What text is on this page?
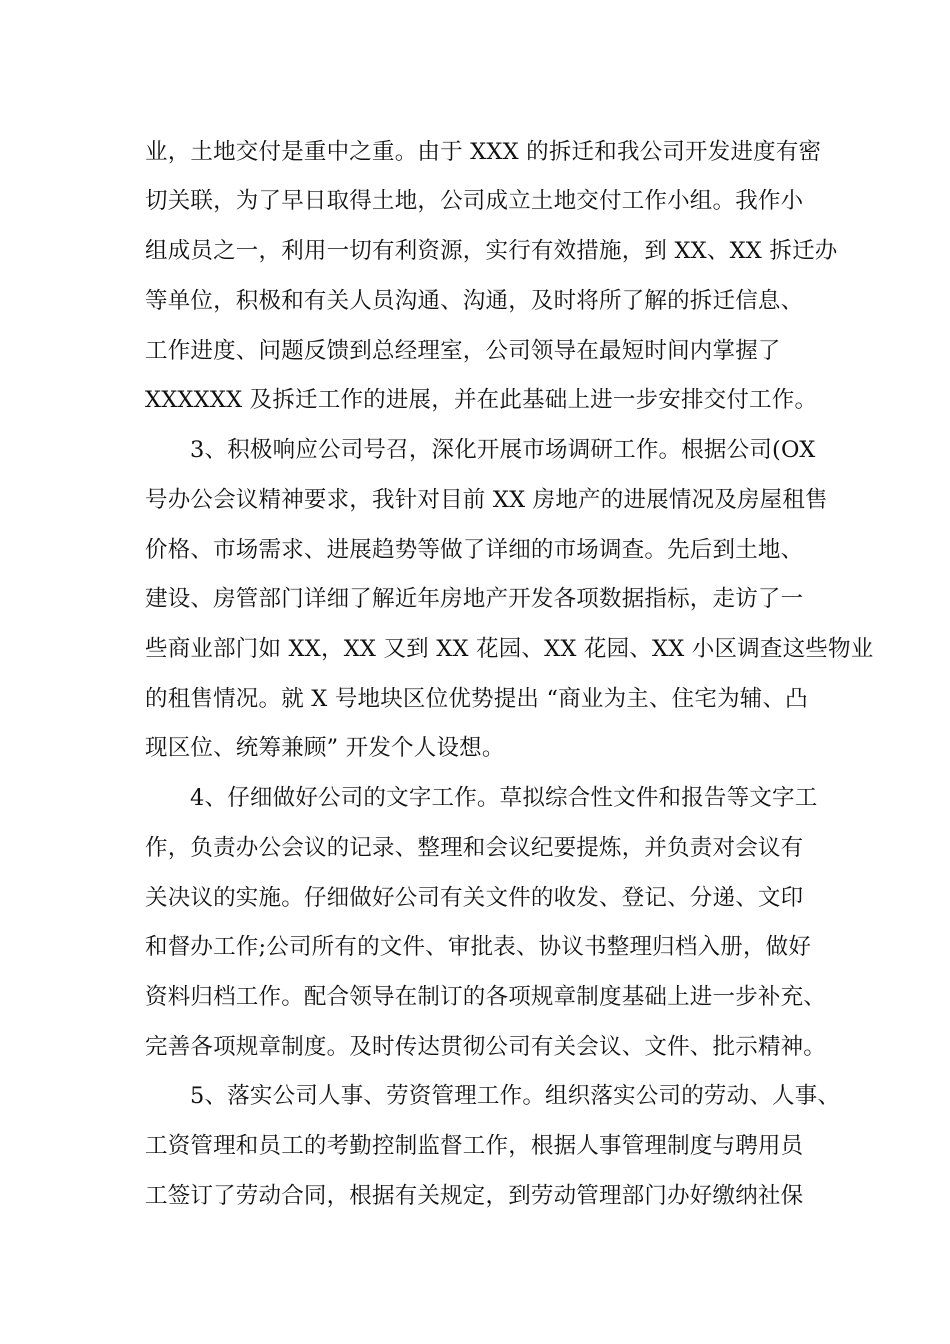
业，土地交付是重中之重。由于 XXX 的拆迁和我公司开发进度有密
切关联，为了早日取得土地，公司成立土地交付工作小组。我作小
组成员之一，利用一切有利资源，实行有效措施，到 XX、XX 拆迁办
等单位，积极和有关人员沟通、沟通，及时将所了解的拆迁信息、
工作进度、问题反馈到总经理室，公司领导在最短时间内掌握了
XXXXXX 及拆迁工作的进展，并在此基础上进一步安排交付工作。
3、积极响应公司号召，深化开展市场调研工作。根据公司(OX
号办公会议精神要求，我针对目前 XX 房地产的进展情况及房屋租售
价格、市场需求、进展趋势等做了详细的市场调查。先后到土地、
建设、房管部门详细了解近年房地产开发各项数据指标，走访了一
些商业部门如 XX，XX 又到 XX 花园、XX 花园、XX 小区调查这些物业
的租售情况。就 X 号地块区位优势提出 “商业为主、住宅为辅、凸
现区位、统筹兼顾” 开发个人设想。
4、仔细做好公司的文字工作。草拟综合性文件和报告等文字工
作，负责办公会议的记录、整理和会议纪要提炼，并负责对会议有
关决议的实施。仔细做好公司有关文件的收发、登记、分递、文印
和督办工作;公司所有的文件、审批表、协议书整理归档入册，做好
资料归档工作。配合领导在制订的各项规章制度基础上进一步补充、
完善各项规章制度。及时传达贯彻公司有关会议、文件、批示精神。
5、落实公司人事、劳资管理工作。组织落实公司的劳动、人事、
工资管理和员工的考勤控制监督工作，根据人事管理制度与聘用员
工签订了劳动合同，根据有关规定，到劳动管理部门办好缴纳社保
